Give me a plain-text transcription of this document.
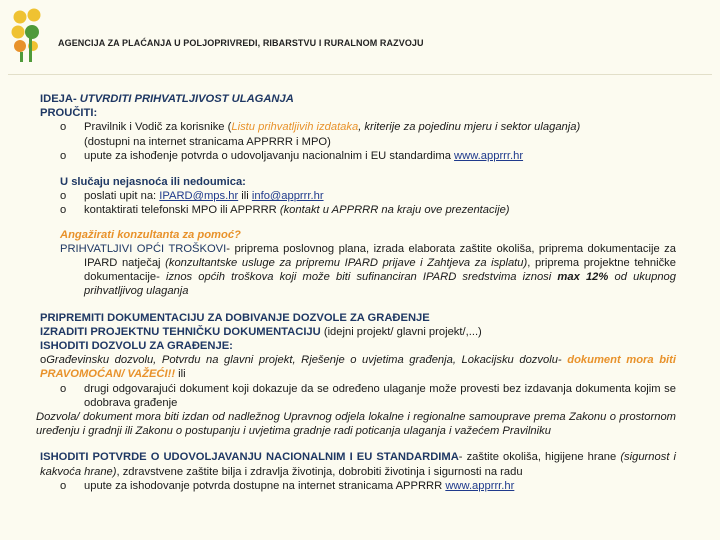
AGENCIJA ZA PLAĆANJA U POLJOPRIVREDI, RIBARSTVU I RURALNOM RAZVOJU

IDEJA- UTVRDITI PRIHVATLJIVOST ULAGANJA

PROUČITI:

o Pravilnik i Vodič za korisnike (Listu prihvatljivih izdataka, kriterije za pojedinu mjeru i sektor ulaganja)
(dostupni na internet stranicama APPRRR i MPO)
o upute za ishođenje potvrda o udovoljavanju nacionalnim i EU standardima www.apprrr.hr

U slučaju nejasnoća ili nedoumica:

o poslati upit na: IPARD@mps.hr ili info@apprrr.hr
o kontaktirati telefonski MPO ili APPRRR (kontakt u APPRRR na kraju ove prezentacije)

Angažirati konzultanta za pomoć?

PRIHVATLJIVI OPĆI TROŠKOVI- priprema poslovnog plana, izrada elaborata zaštite okoliša, priprema dokumentacije za IPARD natječaj (konzultantske usluge za pripremu IPARD prijave i Zahtjeva za isplatu), priprema projektne tehničke dokumentacije- iznos općih troškova koji može biti sufinanciran IPARD sredstvima iznosi max 12% od ukupnog prihvatljivog ulaganja

PRIPREMITI DOKUMENTACIJU ZA DOBIVANJE DOZVOLE ZA GRAĐENJE

IZRADITI PROJEKTNU TEHNIČKU DOKUMENTACIJU (idejni projekt/ glavni projekt/,...)

ISHODITI DOZVOLU ZA GRAĐENJE:

oGrađevinsku dozvolu, Potvrdu na glavni projekt, Rješenje o uvjetima građenja, Lokacijsku dozvolu- dokument mora biti PRAVOMOĆAN/ VAŽEĆI!! ili

o drugi odgovarajući dokument koji dokazuje da se određeno ulaganje može provesti bez izdavanja dokumenta kojim se odobrava građenje

Dozvola/ dokument mora biti izdan od nadležnog Upravnog odjela lokalne i regionalne samouprave prema Zakonu o prostornom uređenju i gradnji ili Zakonu o postupanju i uvjetima gradnje radi poticanja ulaganja i važećem Pravilniku

ISHODITI POTVRDE O UDOVOLJAVANJU NACIONALNIM I EU STANDARDIMA- zaštite okoliša, higijene hrane (sigurnost i kakvoća hrane), zdravstvene zaštite bilja i zdravlja životinja, dobrobiti životinja i sigurnosti na radu

o upute za ishodovanje potvrda dostupne na internet stranicama APPRRR www.apprrr.hr
